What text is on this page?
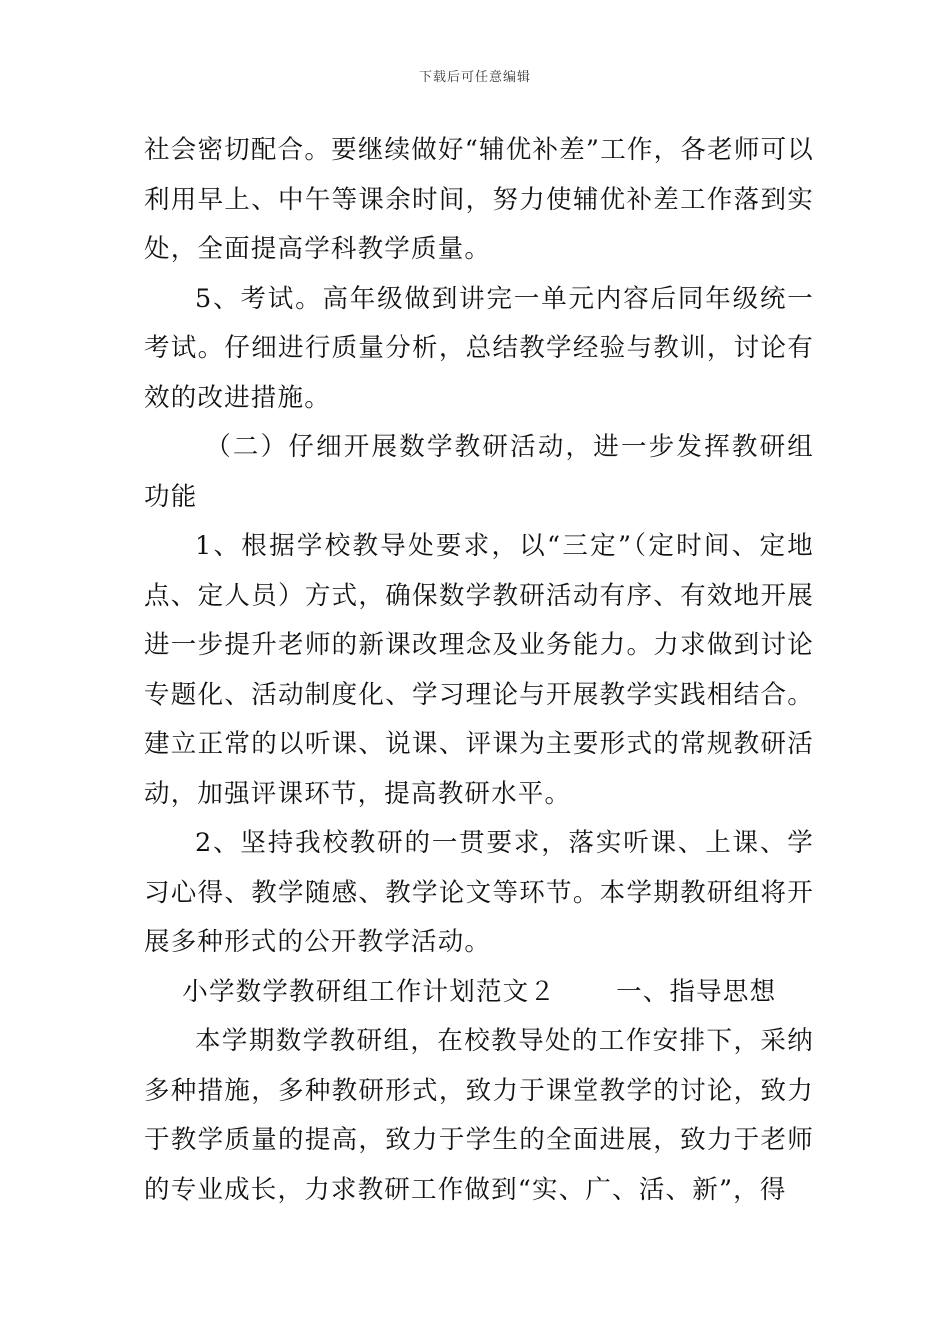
下载后可任意编辑

社会密切配合。要继续做好“辅优补差”工作，各老师可以利用早上、中午等课余时间，努力使辅优补差工作落到实处，全面提高学科教学质量。

5、考试。高年级做到讲完一单元内容后同年级统一考试。仔细进行质量分析，总结教学经验与教训，讨论有效的改进措施。

（二）仔细开展数学教研活动，进一步发挥教研组功能

1、根据学校教导处要求，以“三定”（定时间、定地点、定人员）方式，确保数学教研活动有序、有效地开展进一步提升老师的新课改理念及业务能力。力求做到讨论专题化、活动制度化、学习理论与开展教学实践相结合。建立正常的以听课、说课、评课为主要形式的常规教研活动，加强评课环节，提高教研水平。

2、坚持我校教研的一贯要求，落实听课、上课、学习心得、教学随感、教学论文等环节。本学期教研组将开展多种形式的公开教学活动。

小学数学教研组工作计划范文２ 一、指导思想

本学期数学教研组，在校教导处的工作安排下，采纳多种措施，多种教研形式，致力于课堂教学的讨论，致力于教学质量的提高，致力于学生的全面进展，致力于老师的专业成长，力求教研工作做到“实、广、活、新”，得
